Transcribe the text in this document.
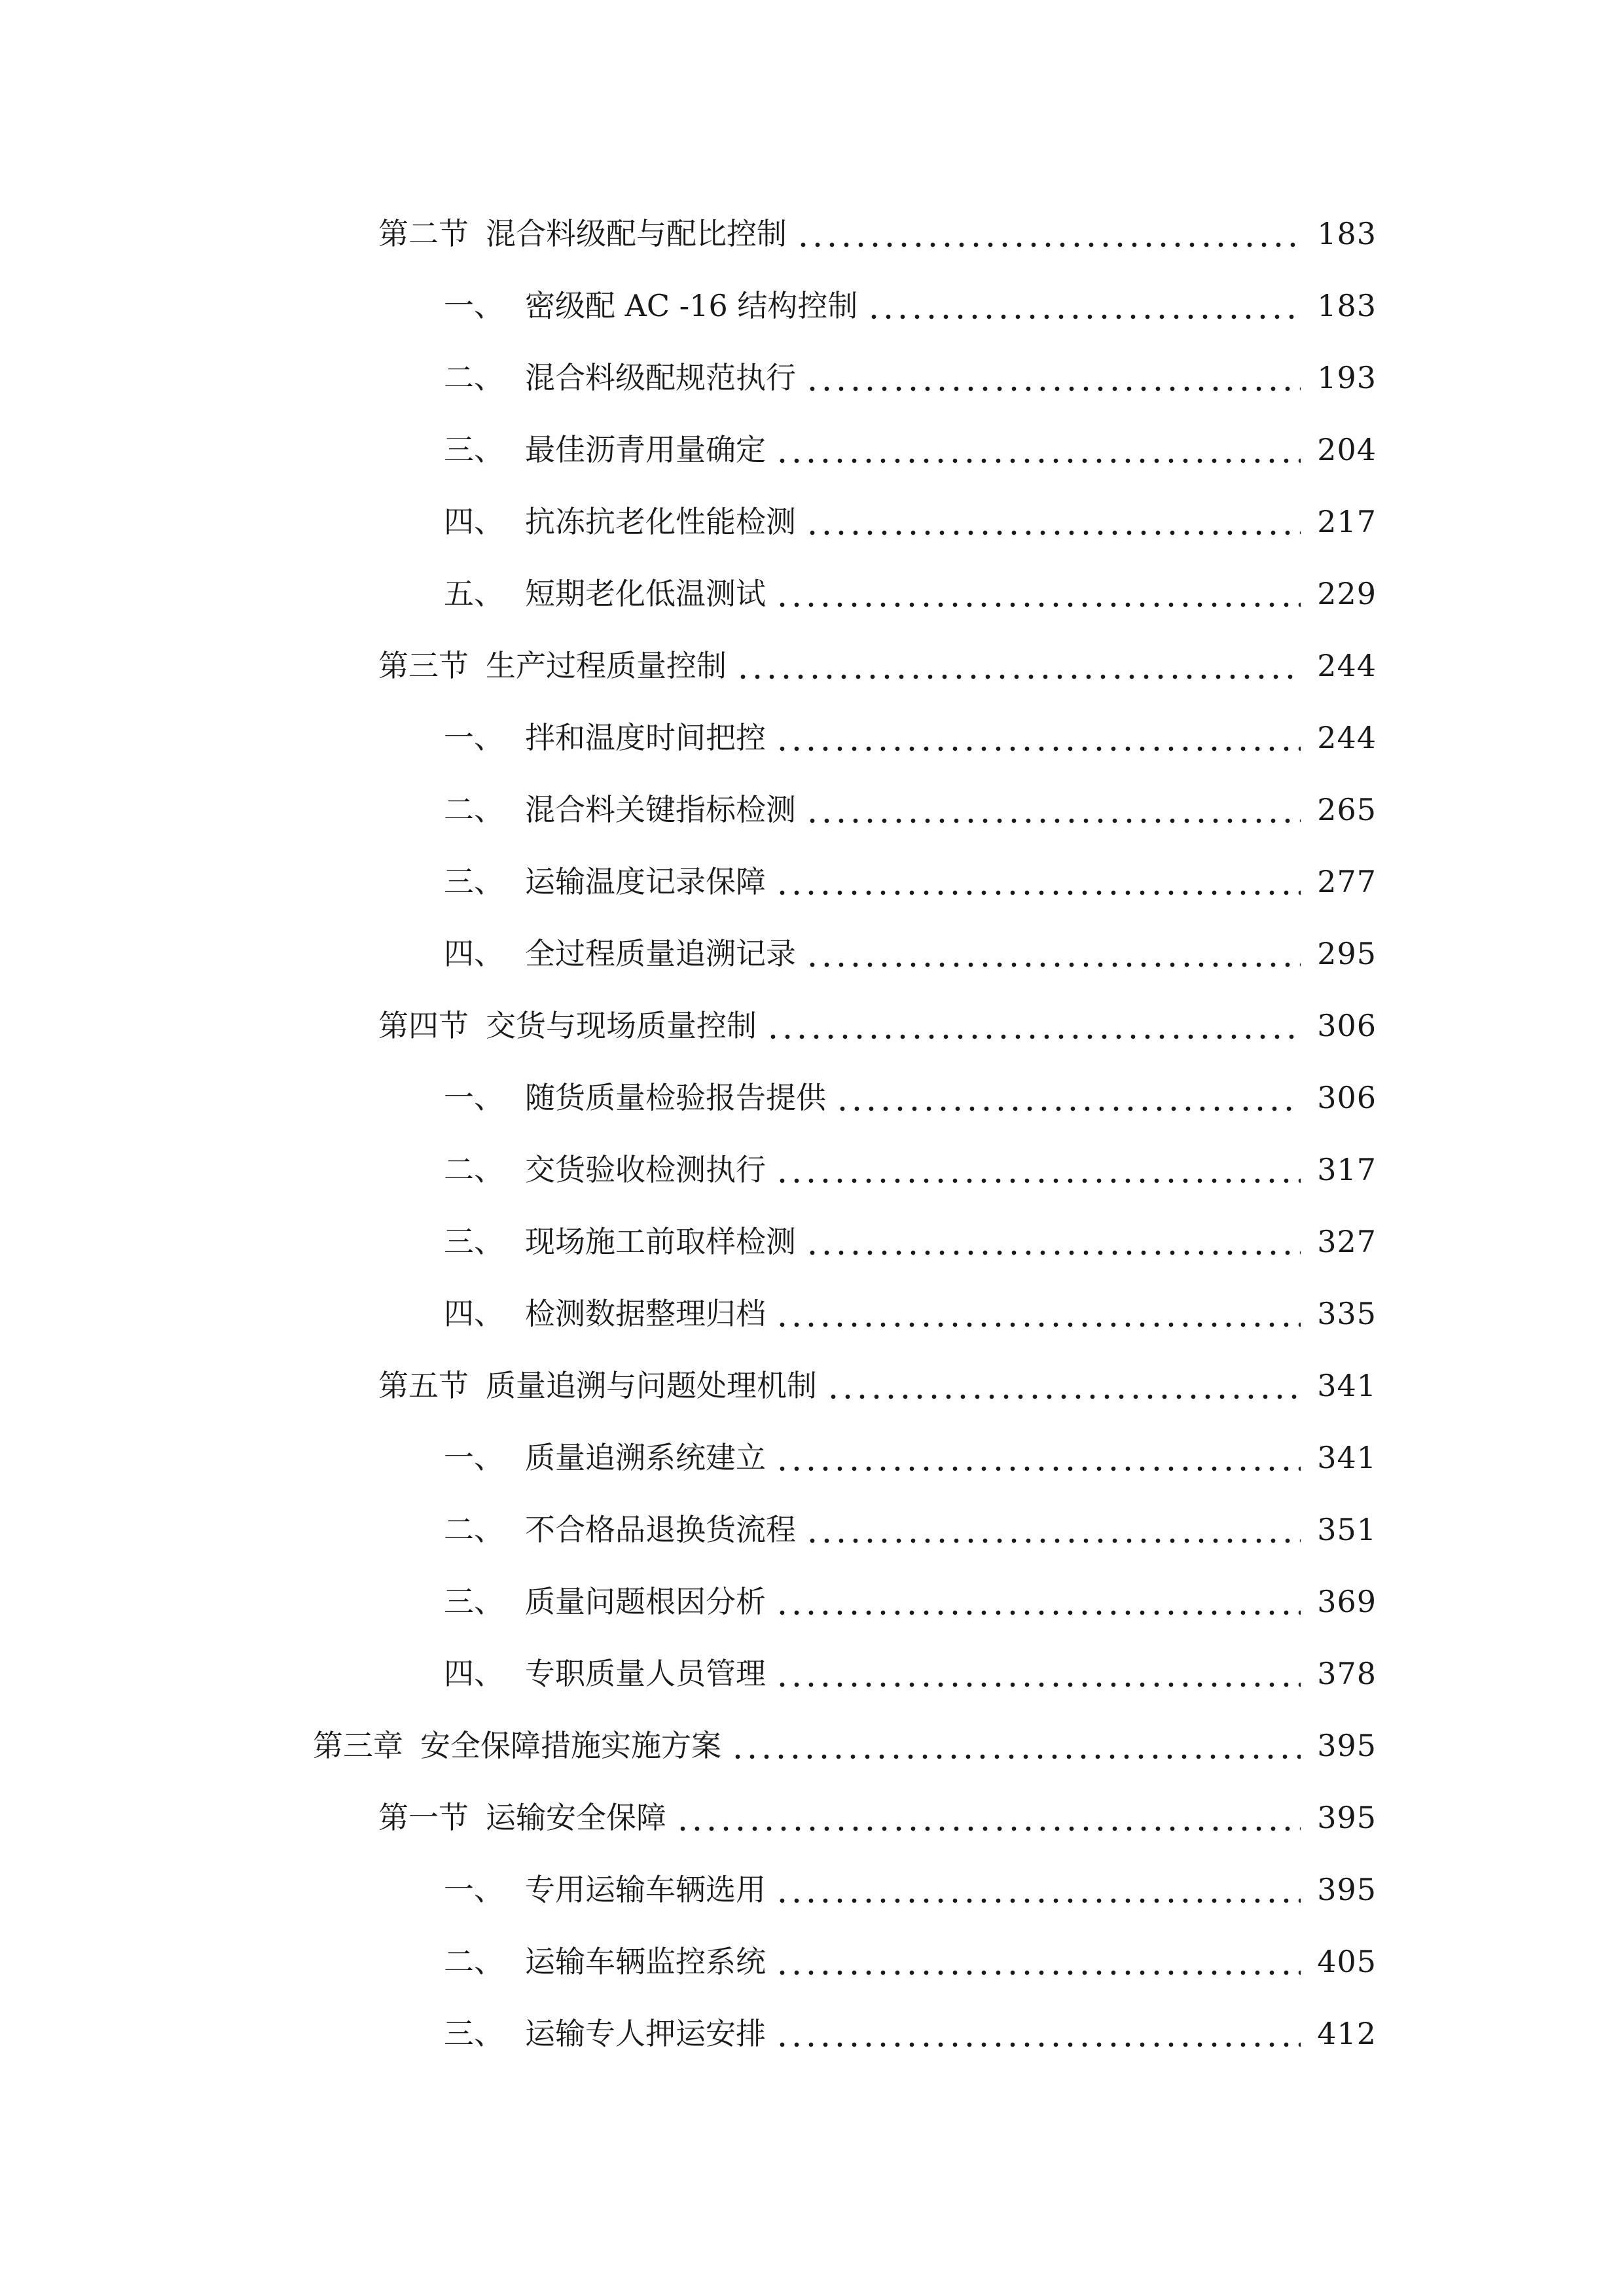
第二节 混合料级配与配比控制	183
一、 密级配 AC -16 结构控制	183
二、 混合料级配规范执行	193
三、 最佳沥青用量确定	204
四、 抗冻抗老化性能检测	217
五、 短期老化低温测试	229
第三节 生产过程质量控制	244
一、 拌和温度时间把控	244
二、 混合料关键指标检测	265
三、 运输温度记录保障	277
四、 全过程质量追溯记录	295
第四节 交货与现场质量控制	306
一、 随货质量检验报告提供	306
二、 交货验收检测执行	317
三、 现场施工前取样检测	327
四、 检测数据整理归档	335
第五节 质量追溯与问题处理机制	341
一、 质量追溯系统建立	341
二、 不合格品退换货流程	351
三、 质量问题根因分析	369
四、 专职质量人员管理	378
第三章 安全保障措施实施方案	395
第一节 运输安全保障	395
一、 专用运输车辆选用	395
二、 运输车辆监控系统	405
三、 运输专人押运安排	412
